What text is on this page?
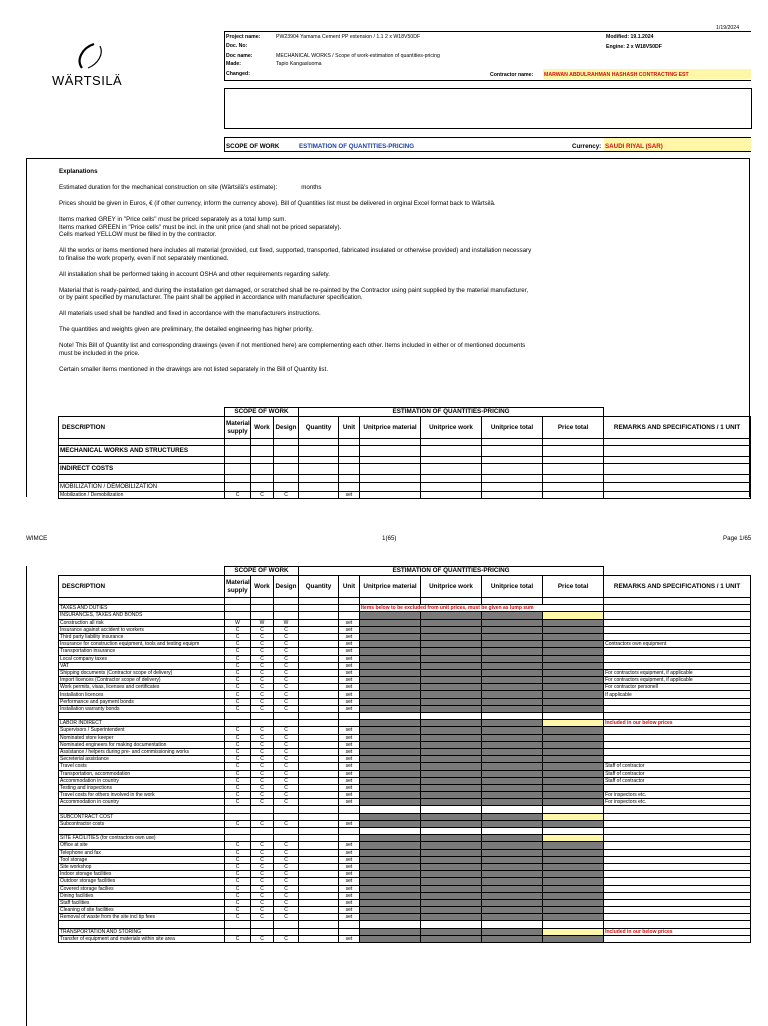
1/19/2024
WÄRTSILÄ
Project name:	PW23904 Yamama Cement PP extension / 1.1 2 x W18V50DF
Doc. No:
Doc name:	MECHANICAL WORKS / Scope of work-estimation of quantities-pricing
Made:	Tapio Kangasluoma
Changed:
Modified: 19.1.2024
Engine: 2 x W18V50DF
Contractor name: MARWAN ABDULRAHMAN HASHASH CONTRACTING EST
SCOPE OF WORK	ESTIMATION OF QUANTITIES-PRICING	Currency: SAUDI RIYAL (SAR)

Explanations

Estimated duration for the mechanical construction on site (Wärtsilä's estimate):	months

Prices should be given in Euros, € (if other currency, inform the currency above). Bill of Quantities list must be delivered in orginal Excel format back to Wärtsilä.

Items marked GREY in "Price cells" must be priced separately as a total lump sum.
Items marked GREEN in "Price cells" must be incl. in the unit price (and shall not be priced separately).
Cells marked YELLOW must be filled in by the contractor.

All the works or items mentioned here includes all material (provided, cut fixed, supported, transported, fabricated insulated or otherwise provided) and installation necessary
to finalise the work properly, even if not separately mentioned.

All installation shall be performed taking in account OSHA and other requirements regarding safety.

Material that is ready-painted, and during the installation get damaged, or scratched shall be re-painted by the Contractor using paint supplied by the material manufacturer,
or by paint specified by manufacturer. The paint shall be applied in accordance with manufacturer specification.

All materials used shall be handled and fixed in accordance with the manufacturers instructions.

The quantities and weights given are preliminary, the detailed engineering has higher priority.

Note! This Bill of Quantity list and corresponding drawings (even if not mentioned here) are complementing each other. Items included in either or of mentioned documents
must be included in the price.

Certain smaller items mentioned in the drawings are not listed separately in the Bill of Quantity list.

	SCOPE OF WORK			ESTIMATION OF QUANTITIES-PRICING						
DESCRIPTION	Material supply	Work	Design	Quantity	Unit	Unitprice material	Unitprice work	Unitprice total	Price total	REMARKS AND SPECIFICATIONS / 1 UNIT

MECHANICAL WORKS AND STRUCTURES										

INDIRECT COSTS										

MOBILIZATION / DEMOBILIZATION										
Mobilization / Demobilization	C	C	C		set					
WIMCE	1(65)	Page 1/65
	SCOPE OF WORK			ESTIMATION OF QUANTITIES-PRICING						
DESCRIPTION	Material supply	Work	Design	Quantity	Unit	Unitprice material	Unitprice work	Unitprice total	Price total	REMARKS AND SPECIFICATIONS / 1 UNIT

TAXES AND DUTIES						Items below to be excluded from unit prices, must be given as lump sum				
INSURANCES, TAXES AND BONDS										
Construction all risk	W	W	W		set					
Insurance against accident to workers	C	C	C		set					
Third party liability insurance	C	C	C		set					
Insurance for construction equipment, tools and testing equipm	C	C	C		set					Contractors own equipment
Transportation insurance	C	C	C		set					
Local company taxes	C	C	C		set					
VAT	C	C	C		set					
Shipping documents (Contractor scope of delivery)	C	C	C		set					For contractors equipment, if applicable
Import licences (Contractor scope of delivery)	C	C	C		set					For contractors equipment, if applicable
Work permits, visas, licenses and certificates	C	C	C		set					For contractor personell
Installation licences	C	C	C		set					If applicable
Performance and payment bonds	C	C	C		set					
Installation warranty bonds	C	C	C		set					

LABOR INDIRECT										Included in our below prices
Supervisors / Superintendent	C	C	C		set					
Nominated store keeper	C	C	C		set					
Nominated engineers for making documentation	C	C	C		set					
Assistance / helpers during pre- and commissioning works	C	C	C		set					
Secreterial assistance	C	C	C		set					
Travel costs	C	C	C		set					Staff of contractor
Transportation, accommodation	C	C	C		set					Staff of contractor
Accommodation in country	C	C	C		set					Staff of contractor
Testing and inspections	C	C	C		set					
Travel costs for others involved in the work	C	C	C		set					For inspectors etc.
Accommodation in country	C	C	C		set					For inspectors etc.

SUBCONTRACT COST										
Subcontractor costs	C	C	C		set					

SITE FACILITIES (for contractors own use)										
Office at site	C	C	C		set					
Telephone and fax	C	C	C		set					
Tool storage	C	C	C		set					
Site workshop	C	C	C		set					
Indoor storage facilities	C	C	C		set					
Outdoor storage facilities	C	C	C		set					
Covered storage facilies	C	C	C		set					
Dining facilities	C	C	C		set					
Staff facilities	C	C	C		set					
Cleaning of site facilities	C	C	C		set					
Removal of waste from the site incl tip fees	C	C	C		set					

TRANSPORTATION AND STORING										Included in our below prices
Transfer of equipment and materials within site area	C	C	C		set					
